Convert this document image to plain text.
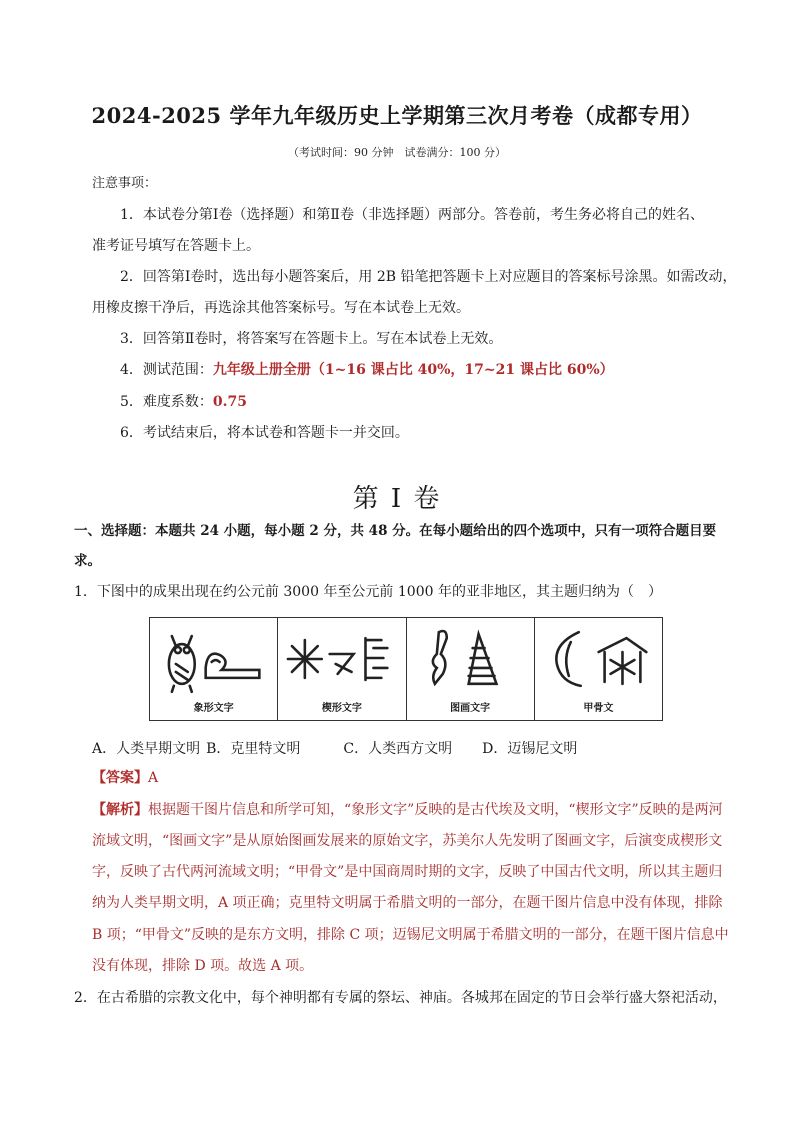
2024-2025 学年九年级历史上学期第三次月考卷（成都专用）
（考试时间：90 分钟　试卷满分：100 分）
注意事项：
1．本试卷分第Ⅰ卷（选择题）和第Ⅱ卷（非选择题）两部分。答卷前，考生务必将自己的姓名、
准考证号填写在答题卡上。
2．回答第Ⅰ卷时，选出每小题答案后，用 2B 铅笔把答题卡上对应题目的答案标号涂黑。如需改动，
用橡皮擦干净后，再选涂其他答案标号。写在本试卷上无效。
3．回答第Ⅱ卷时，将答案写在答题卡上。写在本试卷上无效。
4．测试范围：九年级上册全册（1~16 课占比 40%，17~21 课占比 60%）
5．难度系数：0.75
6．考试结束后，将本试卷和答题卡一并交回。
第 I 卷
一、选择题：本题共 24 小题，每小题 2 分，共 48 分。在每小题给出的四个选项中，只有一项符合题目要
求。
1．下图中的成果出现在约公元前 3000 年至公元前 1000 年的亚非地区，其主题归纳为（　）
象形文字	楔形文字	图画文字	甲骨文
A．人类早期文明 B．克里特文明	C．人类西方文明 D．迈锡尼文明
【答案】A
【解析】根据题干图片信息和所学可知，“象形文字”反映的是古代埃及文明，“楔形文字”反映的是两河
流域文明，“图画文字”是从原始图画发展来的原始文字，苏美尔人先发明了图画文字，后演变成楔形文
字，反映了古代两河流域文明；“甲骨文”是中国商周时期的文字，反映了中国古代文明，所以其主题归
纳为人类早期文明，A 项正确；克里特文明属于希腊文明的一部分，在题干图片信息中没有体现，排除
B 项；“甲骨文”反映的是东方文明，排除 C 项；迈锡尼文明属于希腊文明的一部分，在题干图片信息中
没有体现，排除 D 项。故选 A 项。
2．在古希腊的宗教文化中，每个神明都有专属的祭坛、神庙。各城邦在固定的节日会举行盛大祭祀活动，
